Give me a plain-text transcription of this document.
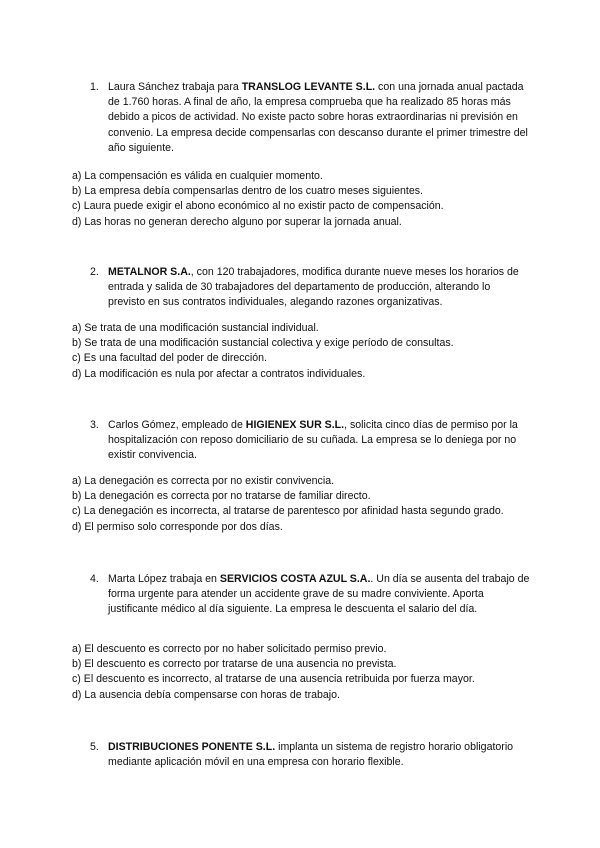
1. Laura Sánchez trabaja para TRANSLOG LEVANTE S.L. con una jornada anual pactada de 1.760 horas. A final de año, la empresa comprueba que ha realizado 85 horas más debido a picos de actividad. No existe pacto sobre horas extraordinarias ni previsión en convenio. La empresa decide compensarlas con descanso durante el primer trimestre del año siguiente.
a) La compensación es válida en cualquier momento.
b) La empresa debía compensarlas dentro de los cuatro meses siguientes.
c) Laura puede exigir el abono económico al no existir pacto de compensación.
d) Las horas no generan derecho alguno por superar la jornada anual.
2. METALNOR S.A., con 120 trabajadores, modifica durante nueve meses los horarios de entrada y salida de 30 trabajadores del departamento de producción, alterando lo previsto en sus contratos individuales, alegando razones organizativas.
a) Se trata de una modificación sustancial individual.
b) Se trata de una modificación sustancial colectiva y exige período de consultas.
c) Es una facultad del poder de dirección.
d) La modificación es nula por afectar a contratos individuales.
3. Carlos Gómez, empleado de HIGIENEX SUR S.L., solicita cinco días de permiso por la hospitalización con reposo domiciliario de su cuñada. La empresa se lo deniega por no existir convivencia.
a) La denegación es correcta por no existir convivencia.
b) La denegación es correcta por no tratarse de familiar directo.
c) La denegación es incorrecta, al tratarse de parentesco por afinidad hasta segundo grado.
d) El permiso solo corresponde por dos días.
4. Marta López trabaja en SERVICIOS COSTA AZUL S.A.. Un día se ausenta del trabajo de forma urgente para atender un accidente grave de su madre conviviente. Aporta justificante médico al día siguiente. La empresa le descuenta el salario del día.
a) El descuento es correcto por no haber solicitado permiso previo.
b) El descuento es correcto por tratarse de una ausencia no prevista.
c) El descuento es incorrecto, al tratarse de una ausencia retribuida por fuerza mayor.
d) La ausencia debía compensarse con horas de trabajo.
5. DISTRIBUCIONES PONENTE S.L. implanta un sistema de registro horario obligatorio mediante aplicación móvil en una empresa con horario flexible.
